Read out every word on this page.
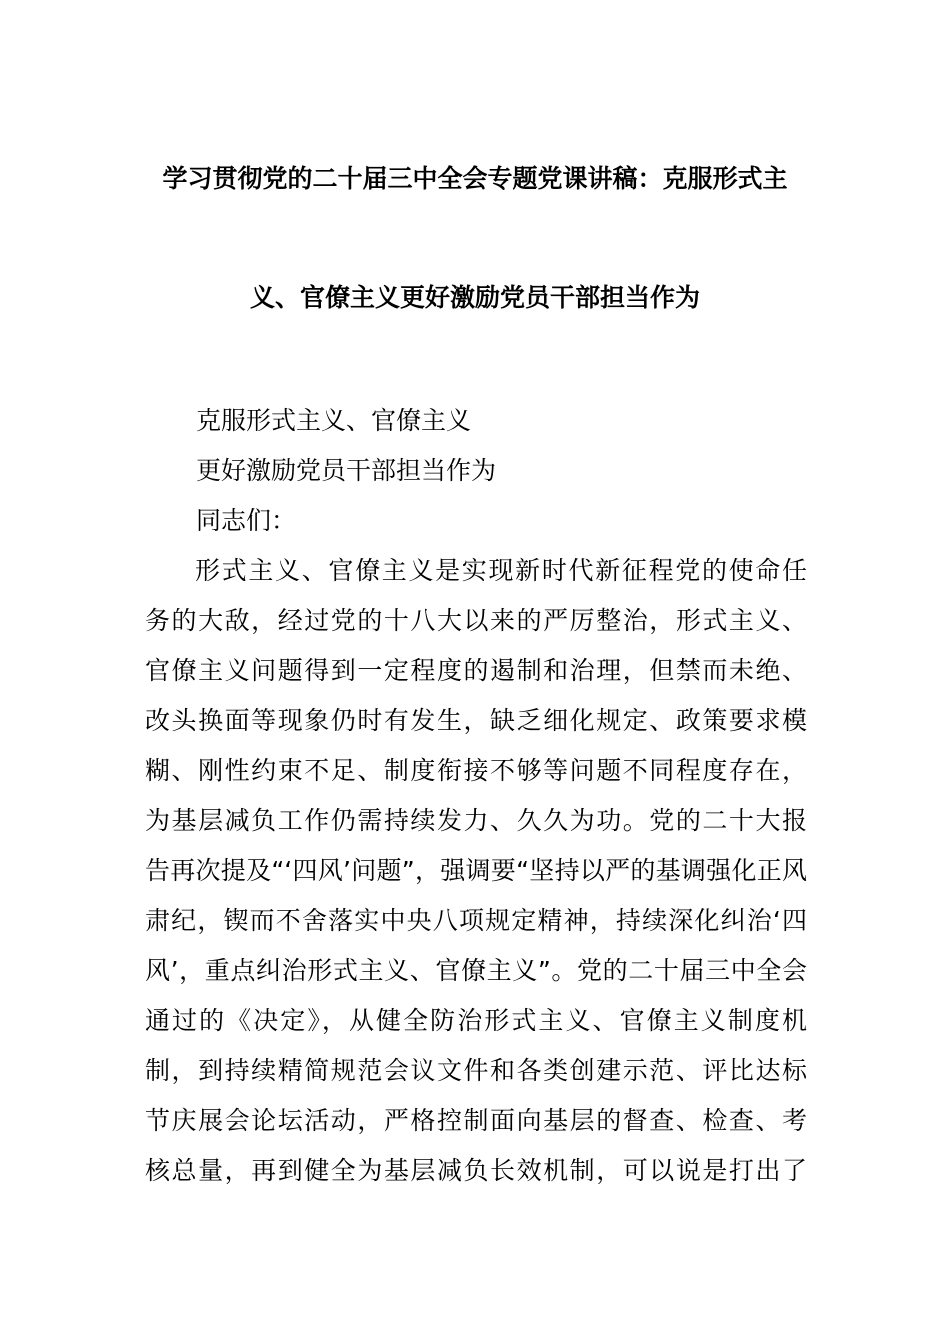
学习贯彻党的二十届三中全会专题党课讲稿：克服形式主
义、官僚主义更好激励党员干部担当作为
克服形式主义、官僚主义
更好激励党员干部担当作为
同志们：
形式主义、官僚主义是实现新时代新征程党的使命任
务的大敌，经过党的十八大以来的严厉整治，形式主义、
官僚主义问题得到一定程度的遏制和治理，但禁而未绝、
改头换面等现象仍时有发生，缺乏细化规定、政策要求模
糊、刚性约束不足、制度衔接不够等问题不同程度存在，
为基层减负工作仍需持续发力、久久为功。党的二十大报
告再次提及“‘四风’问题”，强调要“坚持以严的基调强化正风
肃纪，锲而不舍落实中央八项规定精神，持续深化纠治‘四
风’，重点纠治形式主义、官僚主义”。党的二十届三中全会
通过的《决定》，从健全防治形式主义、官僚主义制度机
制，到持续精简规范会议文件和各类创建示范、评比达标
节庆展会论坛活动，严格控制面向基层的督查、检查、考
核总量，再到健全为基层减负长效机制，可以说是打出了
